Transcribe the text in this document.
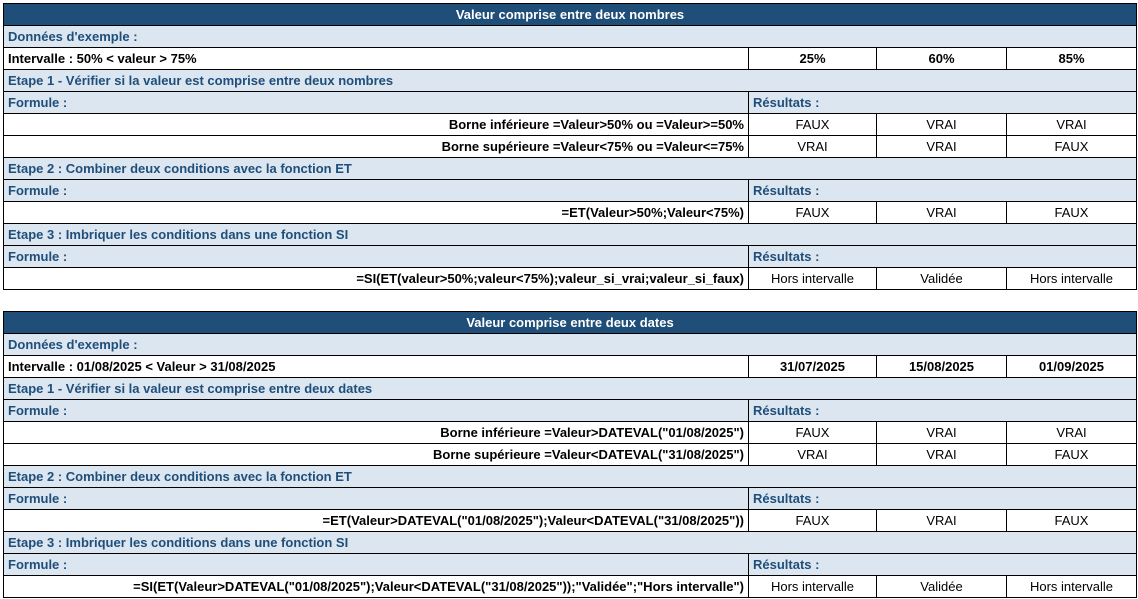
Valeur comprise entre deux nombres			
Données d'exemple :			
Intervalle : 50% < valeur > 75%	25%	60%	85%
Etape 1 - Vérifier si la valeur est comprise entre deux nombres			
Formule :	Résultats :		
Borne inférieure =Valeur>50% ou =Valeur>=50%	FAUX	VRAI	VRAI
Borne supérieure =Valeur<75% ou =Valeur<=75%	VRAI	VRAI	FAUX
Etape 2 : Combiner deux conditions avec la fonction ET			
Formule :	Résultats :		
=ET(Valeur>50%;Valeur<75%)	FAUX	VRAI	FAUX
Etape 3 : Imbriquer les conditions dans une fonction SI			
Formule :	Résultats :		
=SI(ET(valeur>50%;valeur<75%);valeur_si_vrai;valeur_si_faux)	Hors intervalle	Validée	Hors intervalle
Valeur comprise entre deux dates			
Données d'exemple :			
Intervalle : 01/08/2025 < Valeur > 31/08/2025	31/07/2025	15/08/2025	01/09/2025
Etape 1 - Vérifier si la valeur est comprise entre deux dates			
Formule :	Résultats :		
Borne inférieure =Valeur>DATEVAL("01/08/2025")	FAUX	VRAI	VRAI
Borne supérieure =Valeur<DATEVAL("31/08/2025")	VRAI	VRAI	FAUX
Etape 2 : Combiner deux conditions avec la fonction ET			
Formule :	Résultats :		
=ET(Valeur>DATEVAL("01/08/2025");Valeur<DATEVAL("31/08/2025"))	FAUX	VRAI	FAUX
Etape 3 : Imbriquer les conditions dans une fonction SI			
Formule :	Résultats :		
=SI(ET(Valeur>DATEVAL("01/08/2025");Valeur<DATEVAL("31/08/2025"));"Validée";"Hors intervalle")	Hors intervalle	Validée	Hors intervalle
